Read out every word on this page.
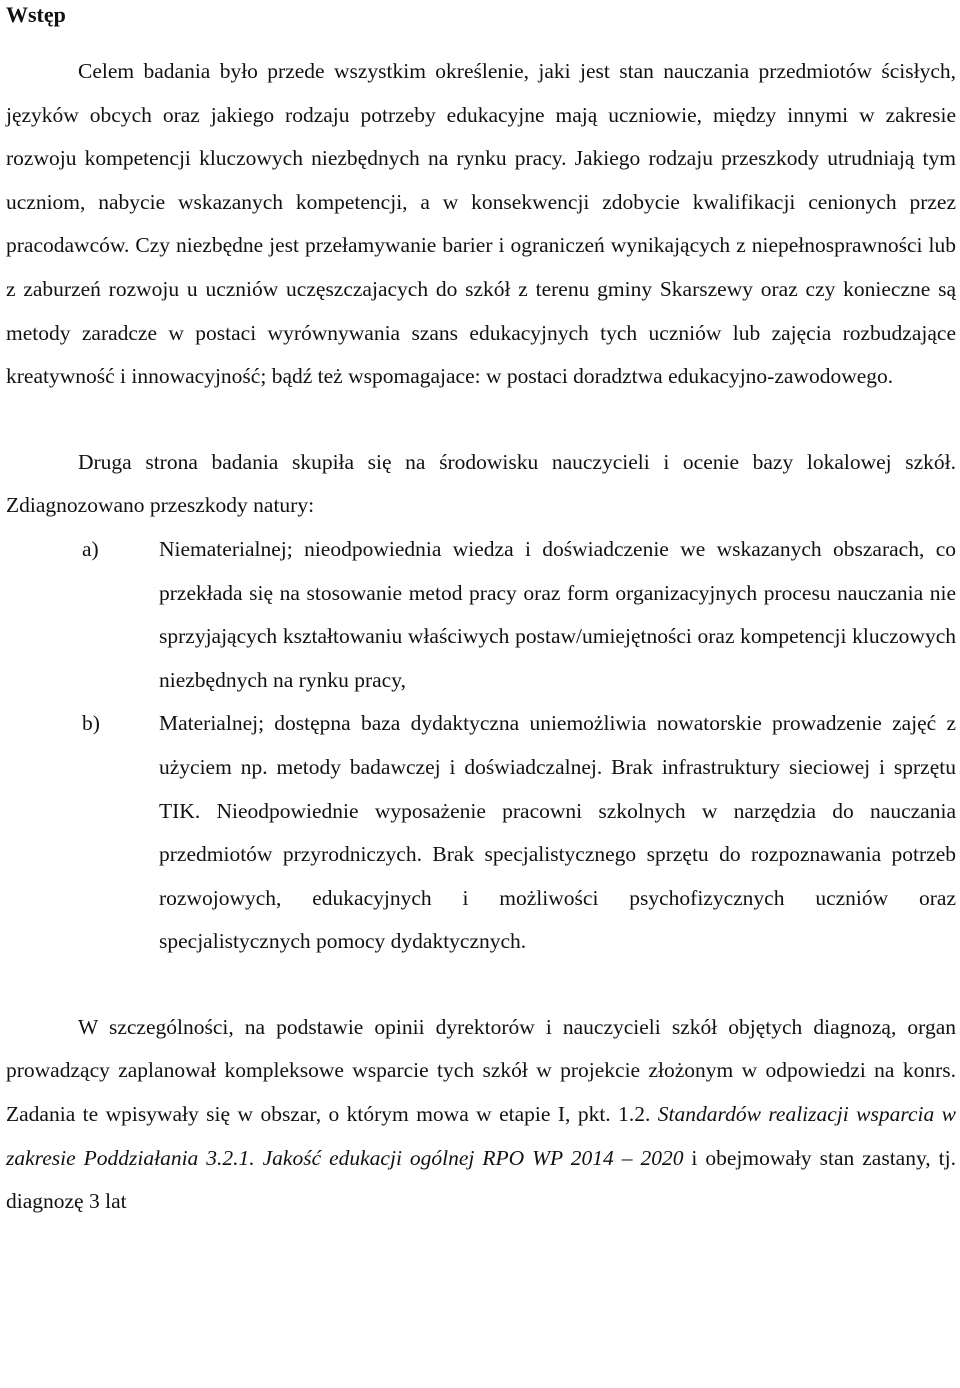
Wstęp

Celem badania było przede wszystkim określenie, jaki jest stan nauczania przedmiotów ścisłych, języków obcych oraz jakiego rodzaju potrzeby edukacyjne mają uczniowie, między innymi w zakresie rozwoju kompetencji kluczowych niezbędnych na rynku pracy. Jakiego rodzaju przeszkody utrudniają tym uczniom, nabycie wskazanych kompetencji, a w konsekwencji zdobycie kwalifikacji cenionych przez pracodawców. Czy niezbędne jest przełamywanie barier i ograniczeń wynikających z niepełnosprawności lub z zaburzeń rozwoju u uczniów uczęszczajacych do szkół z terenu gminy Skarszewy oraz czy konieczne są metody zaradcze w postaci wyrównywania szans edukacyjnych tych uczniów lub zajęcia rozbudzające kreatywność i innowacyjność; bądź też wspomagajace: w postaci doradztwa edukacyjno-zawodowego.

Druga strona badania skupiła się na środowisku nauczycieli i ocenie bazy lokalowej szkół. Zdiagnozowano przeszkody natury:

a)	Niematerialnej; nieodpowiednia wiedza i doświadczenie we wskazanych obszarach, co przekłada się na stosowanie metod pracy oraz form organizacyjnych procesu nauczania nie sprzyjających kształtowaniu właściwych postaw/umiejętności oraz kompetencji kluczowych niezbędnych na rynku pracy,
b)	Materialnej; dostępna baza dydaktyczna uniemożliwia nowatorskie prowadzenie zajęć z użyciem np. metody badawczej i doświadczalnej. Brak infrastruktury sieciowej i sprzętu TIK. Nieodpowiednie wyposażenie pracowni szkolnych w narzędzia do nauczania przedmiotów przyrodniczych. Brak specjalistycznego sprzętu do rozpoznawania potrzeb rozwojowych, edukacyjnych i możliwości psychofizycznych uczniów oraz specjalistycznych pomocy dydaktycznych.

W szczególności, na podstawie opinii dyrektorów i nauczycieli szkół objętych diagnozą, organ prowadzący zaplanował kompleksowe wsparcie tych szkół w projekcie złożonym w odpowiedzi na konrs. Zadania te wpisywały się w obszar, o którym mowa w etapie I, pkt. 1.2. Standardów realizacji wsparcia w zakresie Poddziałania 3.2.1. Jakość edukacji ogólnej RPO WP 2014 – 2020 i obejmowały stan zastany, tj. diagnozę 3 lat
